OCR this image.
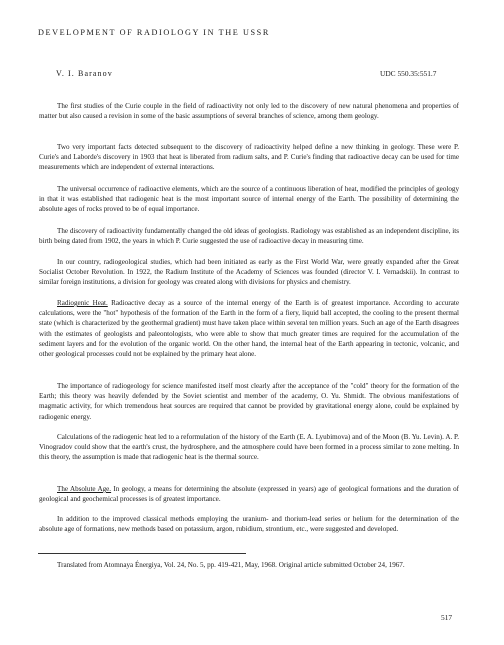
DEVELOPMENT OF RADIOLOGY IN THE USSR
V. I. Baranov	UDC 550.35:551.7

The first studies of the Curie couple in the field of radioactivity not only led to the discovery of new natural phenomena and properties of matter but also caused a revision in some of the basic assumptions of several branches of science, among them geology.

Two very important facts detected subsequent to the discovery of radioactivity helped define a new thinking in geology. These were P. Curie's and Laborde's discovery in 1903 that heat is liberated from radium salts, and P. Curie's finding that radioactive decay can be used for time measurements which are independent of external interactions.

The universal occurrence of radioactive elements, which are the source of a continuous liberation of heat, modified the principles of geology in that it was established that radiogenic heat is the most important source of internal energy of the Earth. The possibility of determining the absolute ages of rocks proved to be of equal importance.

The discovery of radioactivity fundamentally changed the old ideas of geologists. Radiology was established as an independent discipline, its birth being dated from 1902, the years in which P. Curie suggested the use of radioactive decay in measuring time.

In our country, radiogeological studies, which had been initiated as early as the First World War, were greatly expanded after the Great Socialist October Revolution. In 1922, the Radium Institute of the Academy of Sciences was founded (director V. I. Vernadskii). In contrast to similar foreign institutions, a division for geology was created along with divisions for physics and chemistry.

Radiogenic Heat. Radioactive decay as a source of the internal energy of the Earth is of greatest importance. According to accurate calculations, were the "hot" hypothesis of the formation of the Earth in the form of a fiery, liquid ball accepted, the cooling to the present thermal state (which is characterized by the geothermal gradient) must have taken place within several ten million years. Such an age of the Earth disagrees with the estimates of geologists and paleontologists, who were able to show that much greater times are required for the accumulation of the sediment layers and for the evolution of the organic world. On the other hand, the internal heat of the Earth appearing in tectonic, volcanic, and other geological processes could not be explained by the primary heat alone.

The importance of radiogeology for science manifested itself most clearly after the acceptance of the "cold" theory for the formation of the Earth; this theory was heavily defended by the Soviet scientist and member of the academy, O. Yu. Shmidt. The obvious manifestations of magmatic activity, for which tremendous heat sources are required that cannot be provided by gravitational energy alone, could be explained by radiogenic energy.

Calculations of the radiogenic heat led to a reformulation of the history of the Earth (E. A. Lyubimova) and of the Moon (B. Yu. Levin). A. P. Vinogradov could show that the earth's crust, the hydrosphere, and the atmosphere could have been formed in a process similar to zone melting. In this theory, the assumption is made that radiogenic heat is the thermal source.

The Absolute Age. In geology, a means for determining the absolute (expressed in years) age of geological formations and the duration of geological and geochemical processes is of greatest importance.

In addition to the improved classical methods employing the uranium- and thorium-lead series or helium for the determination of the absolute age of formations, new methods based on potassium, argon, rubidium, strontium, etc., were suggested and developed.

Translated from Atomnaya Énergiya, Vol. 24, No. 5, pp. 419-421, May, 1968. Original article submitted October 24, 1967.

517
